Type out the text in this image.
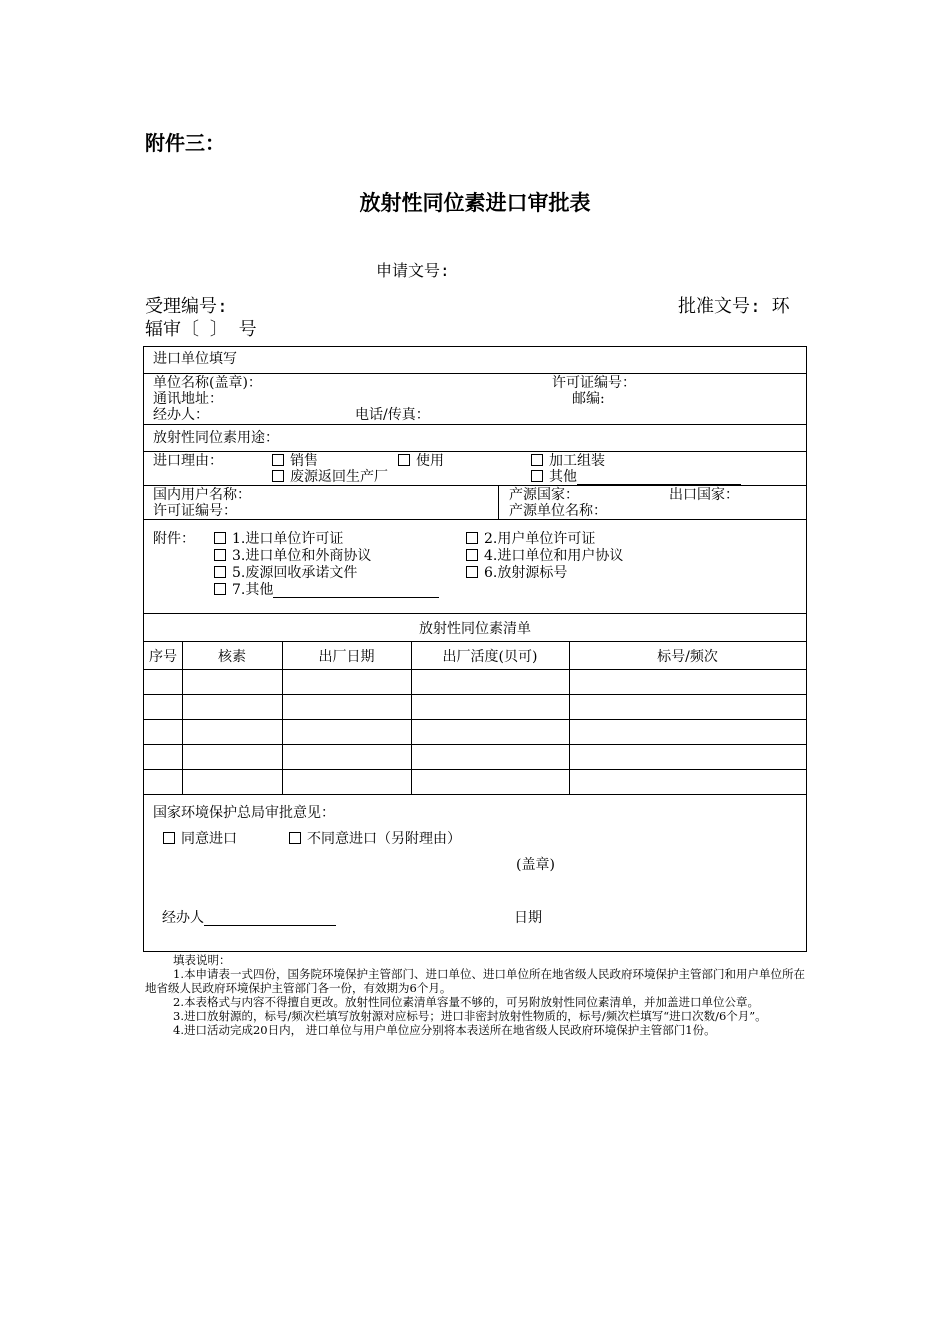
附件三：
放射性同位素进口审批表
申请文号:
受理编号:	批准文号: 环
辐审〔 〕 号
进口单位填写
单位名称(盖章)：	许可证编号：
通讯地址：	邮编:
经办人：	电话/传真：
放射性同位素用途：
进口理由：	销售	使用	加工组装
废源返回生产厂	其他
国内用户名称：
许可证编号：
产源国家：	出口国家：
产源单位名称：
附件：	1.进口单位许可证	2.用户单位许可证
3.进口单位和外商协议	4.进口单位和用户协议
5.废源回收承诺文件	6.放射源标号
7.其他
放射性同位素清单
序号	核素	出厂日期	出厂活度(贝可)	标号/频次
国家环境保护总局审批意见：
同意进口	不同意进口（另附理由）
(盖章)
经办人	日期

填表说明：

1.本申请表一式四份，国务院环境保护主管部门、进口单位、进口单位所在地省级人民政府环境保护主管部门和用户单位所在地省级人民政府环境保护主管部门各一份，有效期为6个月。

2.本表格式与内容不得擅自更改。放射性同位素清单容量不够的，可另附放射性同位素清单，并加盖进口单位公章。

3.进口放射源的，标号/频次栏填写放射源对应标号；进口非密封放射性物质的，标号/频次栏填写“进口次数/6个月”。

4.进口活动完成20日内， 进口单位与用户单位应分别将本表送所在地省级人民政府环境保护主管部门1份。
